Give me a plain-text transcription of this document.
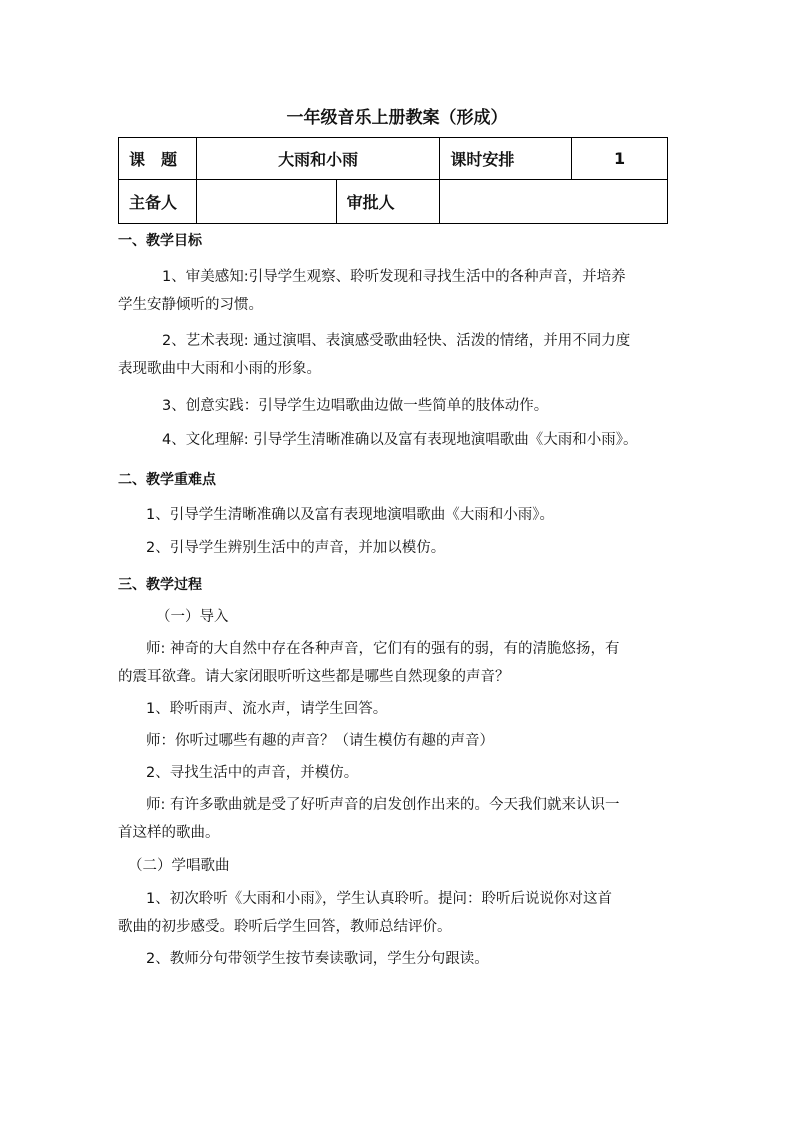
一年级音乐上册教案（形成）
课　题	大雨和小雨		课时安排	1
主备人		审批人		
一、教学目标
1、审美感知:引导学生观察、聆听发现和寻找生活中的各种声音，并培养
学生安静倾听的习惯。
2、艺术表现: 通过演唱、表演感受歌曲轻快、活泼的情绪，并用不同力度
表现歌曲中大雨和小雨的形象。
3、创意实践：引导学生边唱歌曲边做一些简单的肢体动作。
4、文化理解: 引导学生清晰准确以及富有表现地演唱歌曲《大雨和小雨》。
二、教学重难点
1、引导学生清晰准确以及富有表现地演唱歌曲《大雨和小雨》。
2、引导学生辨别生活中的声音，并加以模仿。
三、教学过程
（一）导入
师: 神奇的大自然中存在各种声音，它们有的强有的弱，有的清脆悠扬，有
的震耳欲聋。请大家闭眼听听这些都是哪些自然现象的声音？
1、聆听雨声、流水声，请学生回答。
师：你听过哪些有趣的声音？（请生模仿有趣的声音）
2、寻找生活中的声音，并模仿。
师: 有许多歌曲就是受了好听声音的启发创作出来的。今天我们就来认识一
首这样的歌曲。
（二）学唱歌曲
1、初次聆听《大雨和小雨》，学生认真聆听。提问：聆听后说说你对这首
歌曲的初步感受。聆听后学生回答，教师总结评价。
2、教师分句带领学生按节奏读歌词，学生分句跟读。
